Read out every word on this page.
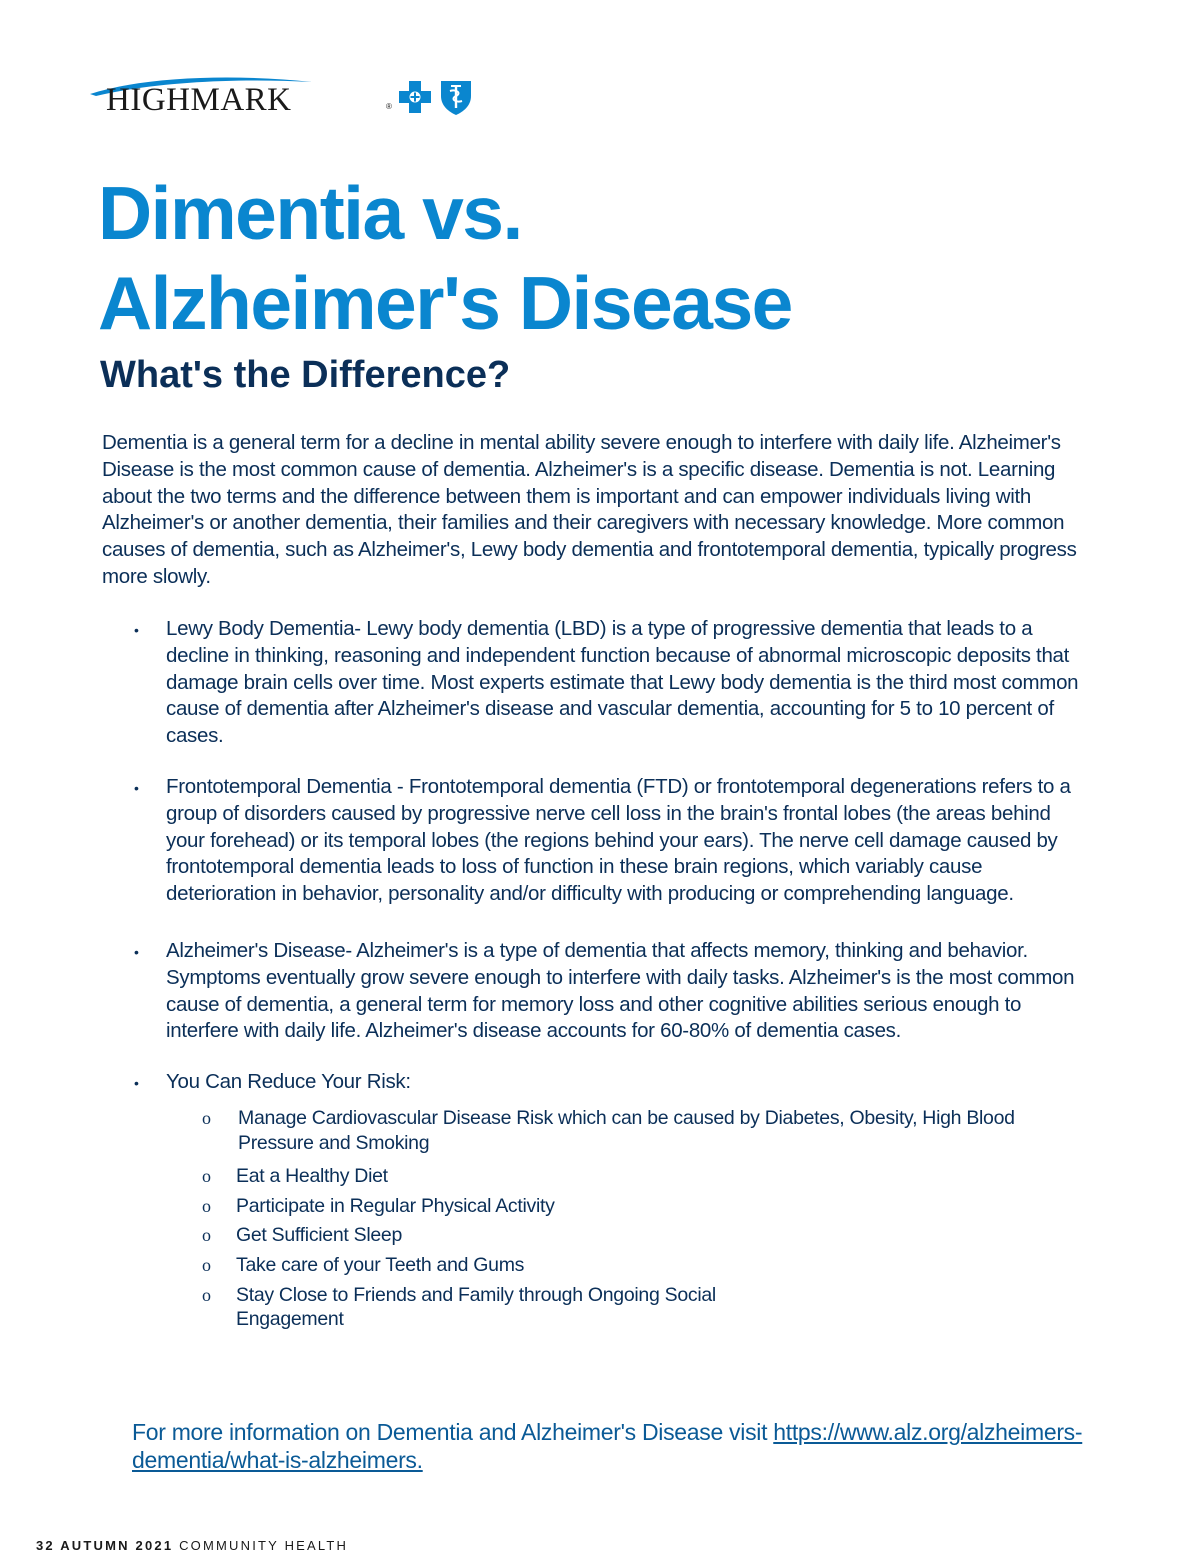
HIGHMARK	®
Dimentia vs.
Alzheimer's Disease
What's the Difference?

Dementia is a general term for a decline in mental ability severe enough to interfere with daily life. Alzheimer's Disease is the most common cause of dementia. Alzheimer's is a specific disease. Dementia is not. Learning about the two terms and the difference between them is important and can empower individuals living with Alzheimer's or another dementia, their families and their caregivers with necessary knowledge. More common causes of dementia, such as Alzheimer's, Lewy body dementia and frontotemporal dementia, typically progress more slowly.

• Lewy Body Dementia- Lewy body dementia (LBD) is a type of progressive dementia that leads to a decline in thinking, reasoning and independent function because of abnormal microscopic deposits that damage brain cells over time. Most experts estimate that Lewy body dementia is the third most common cause of dementia after Alzheimer's disease and vascular dementia, accounting for 5 to 10 percent of cases.
• Frontotemporal Dementia - Frontotemporal dementia (FTD) or frontotemporal degenerations refers to a group of disorders caused by progressive nerve cell loss in the brain's frontal lobes (the areas behind your forehead) or its temporal lobes (the regions behind your ears). The nerve cell damage caused by frontotemporal dementia leads to loss of function in these brain regions, which variably cause deterioration in behavior, personality and/or difficulty with producing or comprehending language.
• Alzheimer's Disease- Alzheimer's is a type of dementia that affects memory, thinking and behavior. Symptoms eventually grow severe enough to interfere with daily tasks. Alzheimer's is the most common cause of dementia, a general term for memory loss and other cognitive abilities serious enough to interfere with daily life. Alzheimer's disease accounts for 60-80% of dementia cases.
• You Can Reduce Your Risk:
o Manage Cardiovascular Disease Risk which can be caused by Diabetes, Obesity, High Blood Pressure and Smoking
o Eat a Healthy Diet
o Participate in Regular Physical Activity
o Get Sufficient Sleep
o Take care of your Teeth and Gums
o Stay Close to Friends and Family through Ongoing Social Engagement

For more information on Dementia and Alzheimer's Disease visit https://www.alz.org/alzheimers-dementia/what-is-alzheimers.

32 AUTUMN 2021 COMMUNITY HEALTH
